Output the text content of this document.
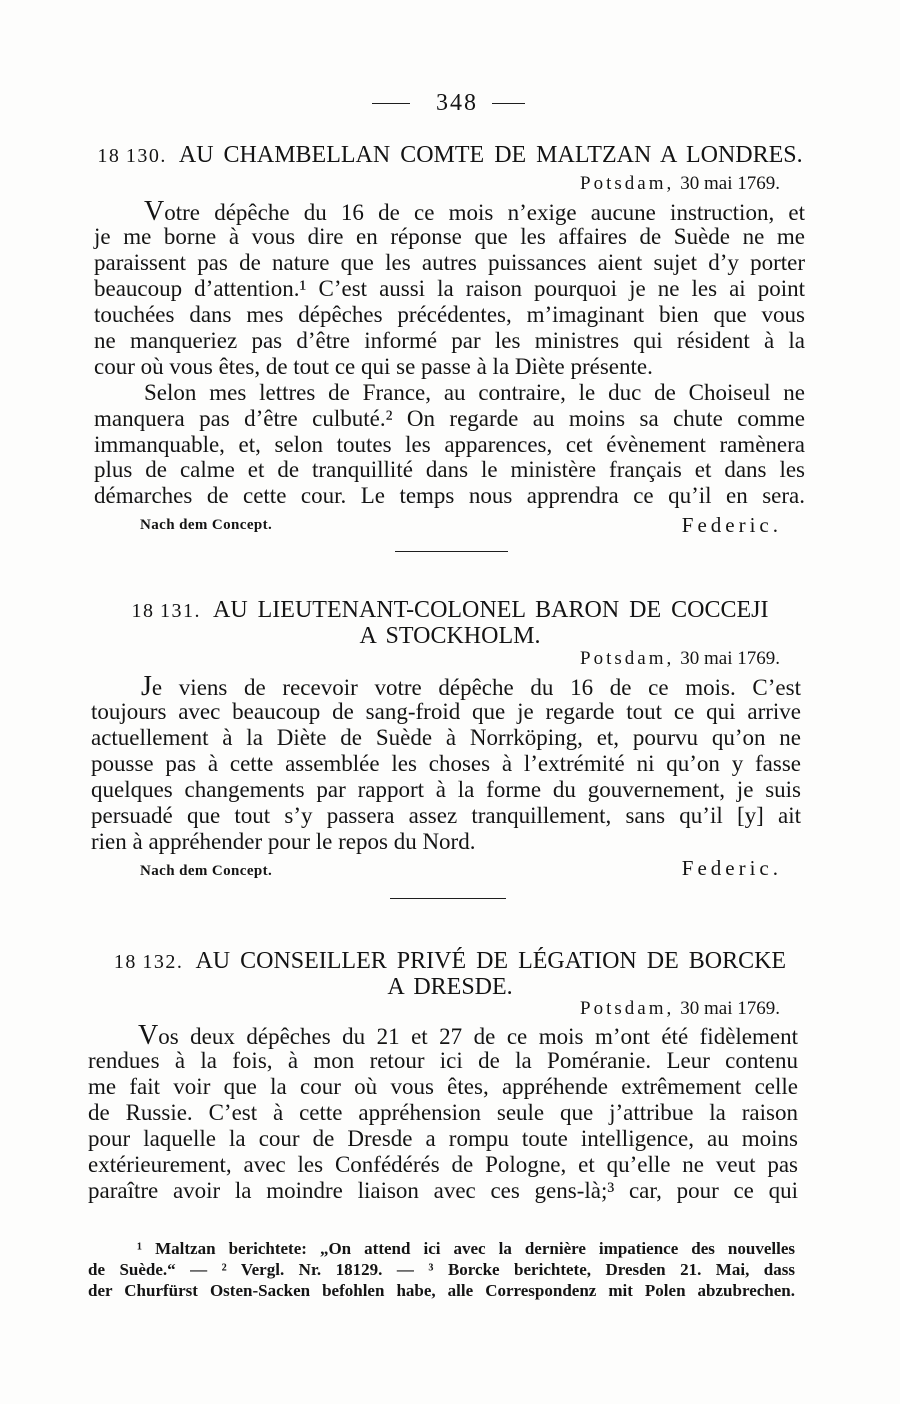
348
18 130. AU CHAMBELLAN COMTE DE MALTZAN A LONDRES.
Potsdam, 30 mai 1769.
Votre dépêche du 16 de ce mois n’exige aucune instruction, et
je me borne à vous dire en réponse que les affaires de Suède ne me
paraissent pas de nature que les autres puissances aient sujet d’y porter
beaucoup d’attention.¹ C’est aussi la raison pourquoi je ne les ai point
touchées dans mes dépêches précédentes, m’imaginant bien que vous
ne manqueriez pas d’être informé par les ministres qui résident à la
cour où vous êtes, de tout ce qui se passe à la Diète présente.
Selon mes lettres de France, au contraire, le duc de Choiseul ne
manquera pas d’être culbuté.² On regarde au moins sa chute comme
immanquable, et, selon toutes les apparences, cet évènement ramènera
plus de calme et de tranquillité dans le ministère français et dans les
démarches de cette cour. Le temps nous apprendra ce qu’il en sera.
Nach dem Concept.	Federic.
18 131. AU LIEUTENANT-COLONEL BARON DE COCCEJI
A STOCKHOLM.
Potsdam, 30 mai 1769.
Je viens de recevoir votre dépêche du 16 de ce mois. C’est
toujours avec beaucoup de sang-froid que je regarde tout ce qui arrive
actuellement à la Diète de Suède à Norrköping, et, pourvu qu’on ne
pousse pas à cette assemblée les choses à l’extrémité ni qu’on y fasse
quelques changements par rapport à la forme du gouvernement, je suis
persuadé que tout s’y passera assez tranquillement, sans qu’il [y] ait
rien à appréhender pour le repos du Nord.
Nach dem Concept.	Federic.
18 132. AU CONSEILLER PRIVÉ DE LÉGATION DE BORCKE
A DRESDE.
Potsdam, 30 mai 1769.
Vos deux dépêches du 21 et 27 de ce mois m’ont été fidèlement
rendues à la fois, à mon retour ici de la Poméranie. Leur contenu
me fait voir que la cour où vous êtes, appréhende extrêmement celle
de Russie. C’est à cette appréhension seule que j’attribue la raison
pour laquelle la cour de Dresde a rompu toute intelligence, au moins
extérieurement, avec les Confédérés de Pologne, et qu’elle ne veut pas
paraître avoir la moindre liaison avec ces gens-là;³ car, pour ce qui
¹ Maltzan berichtete: „On attend ici avec la dernière impatience des nouvelles
de Suède.“ — ² Vergl. Nr. 18129. — ³ Borcke berichtete, Dresden 21. Mai, dass
der Churfürst Osten-Sacken befohlen habe, alle Correspondenz mit Polen abzubrechen.
